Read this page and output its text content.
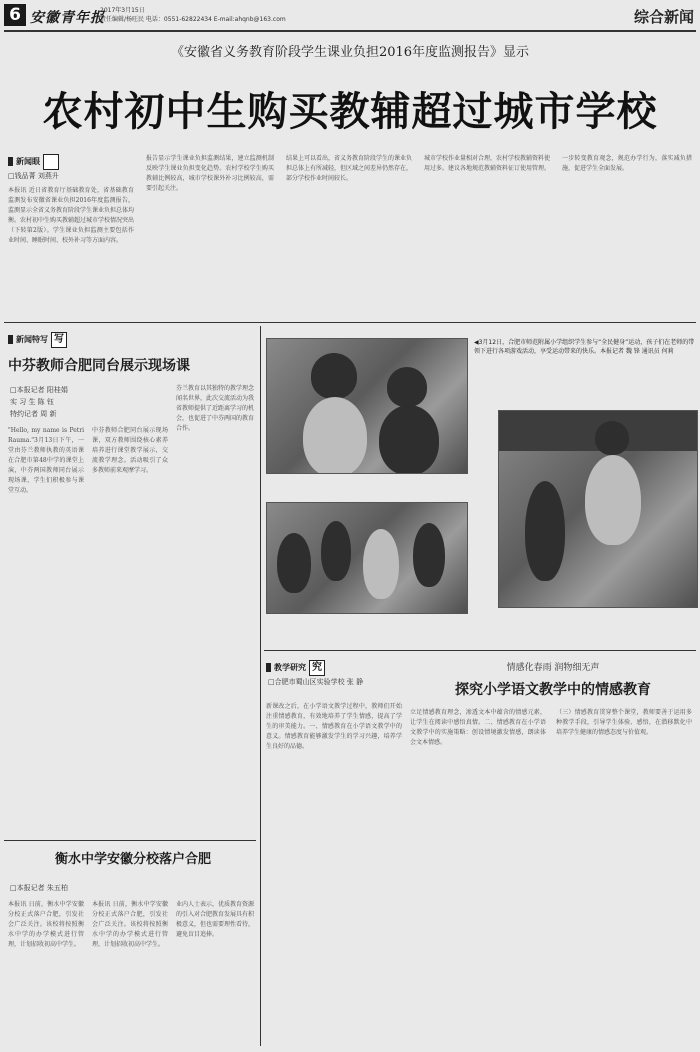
6 安徽青年报
2017年3月15日
责任编辑/杨旺民 电话：0551-62822434 E-mail:ahqnb@163.com	综合新闻
《安徽省义务教育阶段学生课业负担2016年度监测报告》显示
农村初中生购买教辅超过城市学校
新闻眼
□钱品菁 刘燕升
本报讯 近日省教育厅基础教育处，省基础教育监测发布安徽省课业负担2016年度监测报告，监测显示全省义务教育阶段学生课业负担总体均衡。农村初中生购买教辅超过城市学校情况突出（下转第2版）。学生课业负担监测主要包括作业时间、睡眠时间、校外补习等方面内容。
报告显示学生课业负担监测结果，建立监测机制反映学生课业负担变化趋势。农村学校学生购买教辅比例较高，城市学校课外补习比例较高，需要引起关注。
结果上可以看出，省义务教育阶段学生的课业负担总体上有所减轻，但区域之间差异仍然存在，部分学校作业时间较长。
城市学校作业量相对合理，农村学校教辅资料使用过多。建议各地规范教辅资料征订使用管理。
一步转变教育观念，规范办学行为，落实减负措施，促进学生全面发展。
新闻特写 写
中芬教师合肥同台展示现场课
□本报记者 阳桂娟
实 习 生 陈 钰
特约记者 周 新
"Hello, my name is Petri Rauma."3月13日下午，一堂由芬兰教师执教的英语课在合肥市第48中学的课堂上演，中芬两国教师同台展示现场课，学生们积极参与课堂互动。
中芬教师合肥同台展示现场课，双方教师围绕核心素养培养进行课堂教学展示，交流教学理念。活动吸引了众多教师前来观摩学习。
芬兰教育以其独特的教学理念闻名世界，此次交流活动为我省教师提供了近距离学习的机会，也促进了中芬两国的教育合作。
衡水中学安徽分校落户合肥
□本报记者 朱五柏
本报讯 日前，衡水中学安徽分校正式落户合肥，引发社会广泛关注。该校将按照衡水中学的办学模式进行管理，计划招收初高中学生。
本报讯 日前，衡水中学安徽分校正式落户合肥，引发社会广泛关注。该校将按照衡水中学的办学模式进行管理，计划招收初高中学生。
业内人士表示，优质教育资源的引入对合肥教育发展具有积极意义，但也需要理性看待，避免盲目追捧。
◀3月12日，合肥市师范附属小学组织学生参与“全民健身”运动，孩子们在老师的带领下进行各项游戏活动，享受运动带来的快乐。本报记者 魏 锋 通讯员 何莉
教学研究 究
□合肥市蜀山区实验学校 张 静
情感化春雨 润物细无声
探究小学语文教学中的情感教育
新课改之后，在小学语文教学过程中，教师们开始注重情感教育，有效地培养了学生情感，提高了学生的审美能力。一、情感教育在小学语文教学中的意义。情感教育能够激发学生的学习兴趣，培养学生良好的品德。
立足情感教育理念，渗透文本中蕴含的情感元素，让学生在阅读中感悟真情。二、情感教育在小学语文教学中的实施策略：创设情境激发情感，朗读体会文本情感。
（三）情感教育贯穿整个课堂，教师要善于运用多种教学手段，引导学生体验、感悟，在潜移默化中培养学生健康的情感态度与价值观。
